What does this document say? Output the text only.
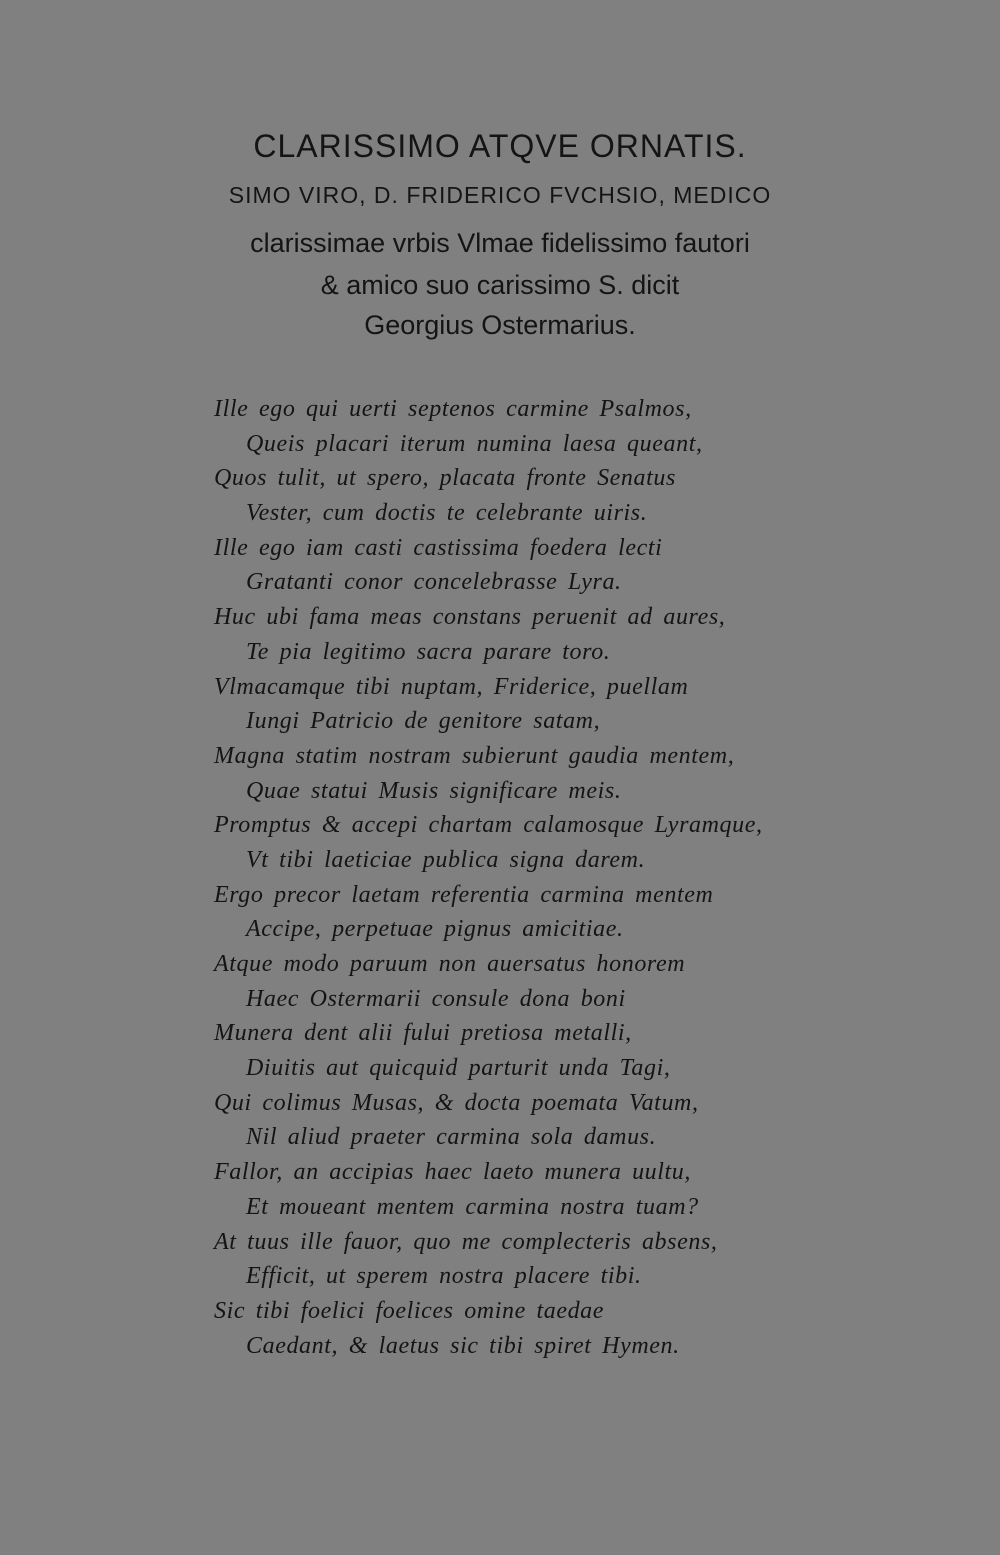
CLARISSIMO ATQVE ORNATIS.
SIMO VIRO, D. FRIDERICO FVCHSIO, MEDICO
clarissimae vrbis Vlmae fidelissimo fautori
& amico suo carissimo S. dicit
Georgius Ostermarius.
Ille ego qui uerti septenos carmine Psalmos,
Queis placari iterum numina laesa queant,
Quos tulit, ut spero, placata fronte Senatus
Vester, cum doctis te celebrante uiris.
Ille ego iam casti castissima foedera lecti
Gratanti conor concelebrasse Lyra.
Huc ubi fama meas constans peruenit ad aures,
Te pia legitimo sacra parare toro.
Vlmacamque tibi nuptam, Friderice, puellam
Iungi Patricio de genitore satam,
Magna statim nostram subierunt gaudia mentem,
Quae statui Musis significare meis.
Promptus & accepi chartam calamosque Lyramque,
Vt tibi laeticiae publica signa darem.
Ergo precor laetam referentia carmina mentem
Accipe, perpetuae pignus amicitiae.
Atque modo paruum non auersatus honorem
Haec Ostermarii consule dona boni
Munera dent alii fului pretiosa metalli,
Diuitis aut quicquid parturit unda Tagi,
Qui colimus Musas, & docta poemata Vatum,
Nil aliud praeter carmina sola damus.
Fallor, an accipias haec laeto munera uultu,
Et moueant mentem carmina nostra tuam?
At tuus ille fauor, quo me complecteris absens,
Efficit, ut sperem nostra placere tibi.
Sic tibi foelici foelices omine taedae
Caedant, & laetus sic tibi spiret Hymen.
